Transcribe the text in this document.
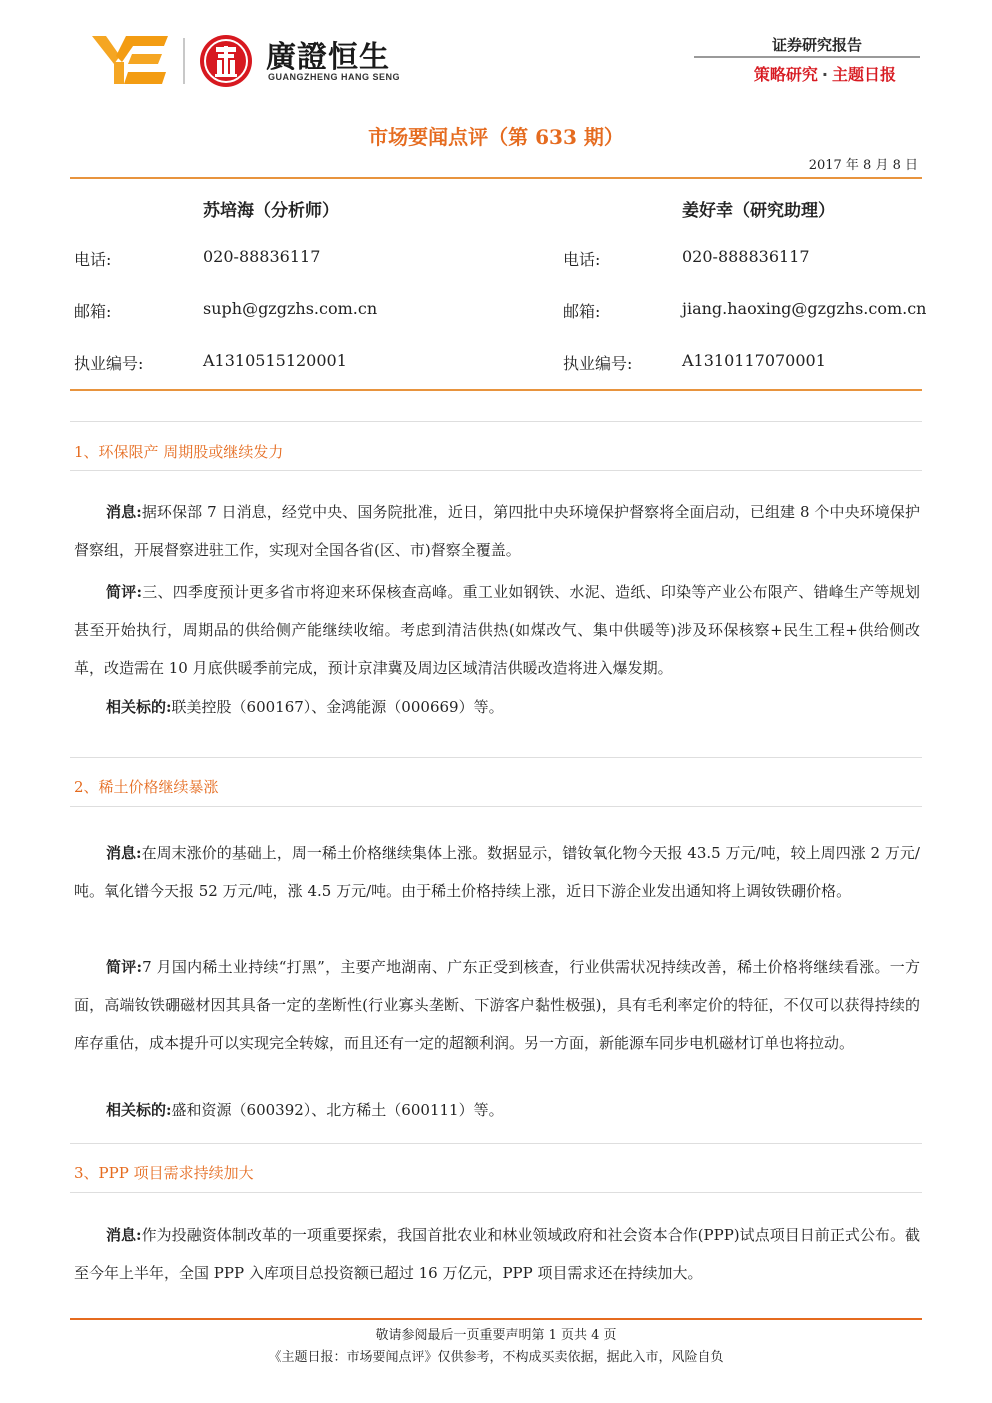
廣證恒生
GUANGZHENG HANG SENG
证券研究报告
策略研究 · 主题日报
市场要闻点评（第 633 期）
2017 年 8 月 8 日
苏培海（分析师）	姜好幸（研究助理）
电话:	020-88836117	电话:	020-888836117
邮箱:	suph@gzgzhs.com.cn	邮箱:	jiang.haoxing@gzgzhs.com.cn
执业编号:	A1310515120001	执业编号:	A1310117070001
1、环保限产 周期股或继续发力
消息:据环保部 7 日消息，经党中央、国务院批准，近日，第四批中央环境保护督察将全面启动，已组建 8 个中央环境保护督察组，开展督察进驻工作，实现对全国各省(区、市)督察全覆盖。
简评:三、四季度预计更多省市将迎来环保核查高峰。重工业如钢铁、水泥、造纸、印染等产业公布限产、错峰生产等规划甚至开始执行，周期品的供给侧产能继续收缩。考虑到清洁供热(如煤改气、集中供暖等)涉及环保核察+民生工程+供给侧改革，改造需在 10 月底供暖季前完成，预计京津冀及周边区域清洁供暖改造将进入爆发期。
相关标的:联美控股（600167）、金鸿能源（000669）等。
2、稀土价格继续暴涨
消息:在周末涨价的基础上，周一稀土价格继续集体上涨。数据显示，镨钕氧化物今天报 43.5 万元/吨，较上周四涨 2 万元/吨。氧化镨今天报 52 万元/吨，涨 4.5 万元/吨。由于稀土价格持续上涨，近日下游企业发出通知将上调钕铁硼价格。
简评:7 月国内稀土业持续“打黑”，主要产地湖南、广东正受到核查，行业供需状况持续改善，稀土价格将继续看涨。一方面，高端钕铁硼磁材因其具备一定的垄断性(行业寡头垄断、下游客户黏性极强)，具有毛利率定价的特征，不仅可以获得持续的库存重估，成本提升可以实现完全转嫁，而且还有一定的超额利润。另一方面，新能源车同步电机磁材订单也将拉动。
相关标的:盛和资源（600392）、北方稀土（600111）等。
3、PPP 项目需求持续加大
消息:作为投融资体制改革的一项重要探索，我国首批农业和林业领域政府和社会资本合作(PPP)试点项目日前正式公布。截至今年上半年，全国 PPP 入库项目总投资额已超过 16 万亿元，PPP 项目需求还在持续加大。
敬请参阅最后一页重要声明第 1 页共 4 页
《主题日报：市场要闻点评》仅供参考，不构成买卖依据，据此入市，风险自负
